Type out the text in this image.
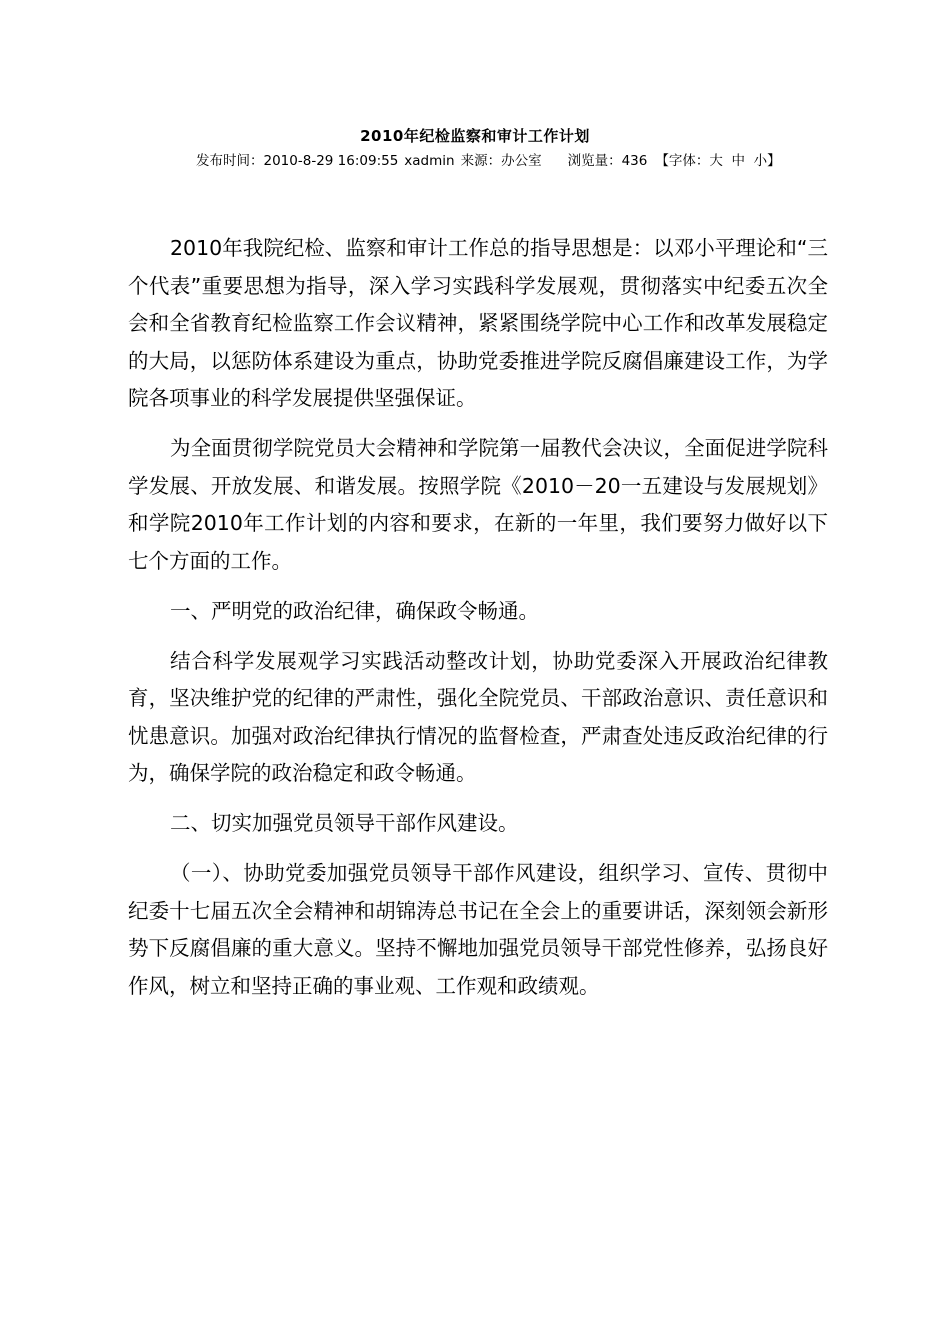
2010年纪检监察和审计工作计划
发布时间：2010-8-29 16:09:55 xadmin 来源：办公室 浏览量：436 【字体：大 中 小】

2010年我院纪检、监察和审计工作总的指导思想是：以邓小平理论和“三个代表”重要思想为指导，深入学习实践科学发展观，贯彻落实中纪委五次全会和全省教育纪检监察工作会议精神，紧紧围绕学院中心工作和改革发展稳定的大局，以惩防体系建设为重点，协助党委推进学院反腐倡廉建设工作，为学院各项事业的科学发展提供坚强保证。

为全面贯彻学院党员大会精神和学院第一届教代会决议，全面促进学院科学发展、开放发展、和谐发展。按照学院《2010－20一五建设与发展规划》和学院2010年工作计划的内容和要求，在新的一年里，我们要努力做好以下七个方面的工作。

一、严明党的政治纪律，确保政令畅通。

结合科学发展观学习实践活动整改计划，协助党委深入开展政治纪律教育，坚决维护党的纪律的严肃性，强化全院党员、干部政治意识、责任意识和忧患意识。加强对政治纪律执行情况的监督检查，严肃查处违反政治纪律的行为，确保学院的政治稳定和政令畅通。

二、切实加强党员领导干部作风建设。

（一）、协助党委加强党员领导干部作风建设，组织学习、宣传、贯彻中纪委十七届五次全会精神和胡锦涛总书记在全会上的重要讲话，深刻领会新形势下反腐倡廉的重大意义。坚持不懈地加强党员领导干部党性修养，弘扬良好作风，树立和坚持正确的事业观、工作观和政绩观。
